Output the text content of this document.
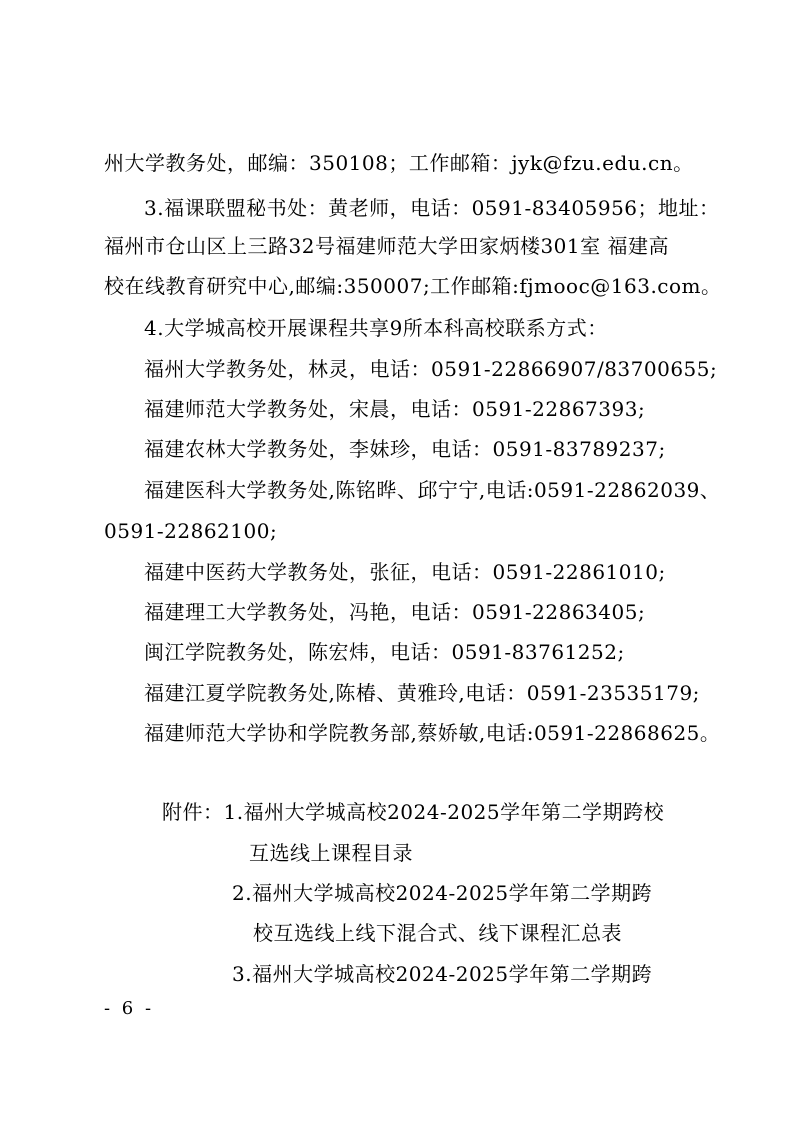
州大学教务处，邮编：350108；工作邮箱：jyk@fzu.edu.cn。
3.福课联盟秘书处：黄老师，电话：0591-83405956；地址：
福州市仓山区上三路32号福建师范大学田家炳楼301室 福建高
校在线教育研究中心,邮编:350007;工作邮箱:fjmooc@163.com。
4.大学城高校开展课程共享9所本科高校联系方式：
福州大学教务处，林灵，电话：0591-22866907/83700655;
福建师范大学教务处，宋晨，电话：0591-22867393;
福建农林大学教务处，李妹珍，电话：0591-83789237;
福建医科大学教务处,陈铭晔、邱宁宁,电话:0591-22862039、
0591-22862100;
福建中医药大学教务处，张征，电话：0591-22861010;
福建理工大学教务处，冯艳，电话：0591-22863405;
闽江学院教务处，陈宏炜，电话：0591-83761252;
福建江夏学院教务处,陈椿、黄雅玲,电话：0591-23535179;
福建师范大学协和学院教务部,蔡娇敏,电话:0591-22868625。
附件：1.福州大学城高校2024-2025学年第二学期跨校
互选线上课程目录
2.福州大学城高校2024-2025学年第二学期跨
校互选线上线下混合式、线下课程汇总表
3.福州大学城高校2024-2025学年第二学期跨
- 6 -
